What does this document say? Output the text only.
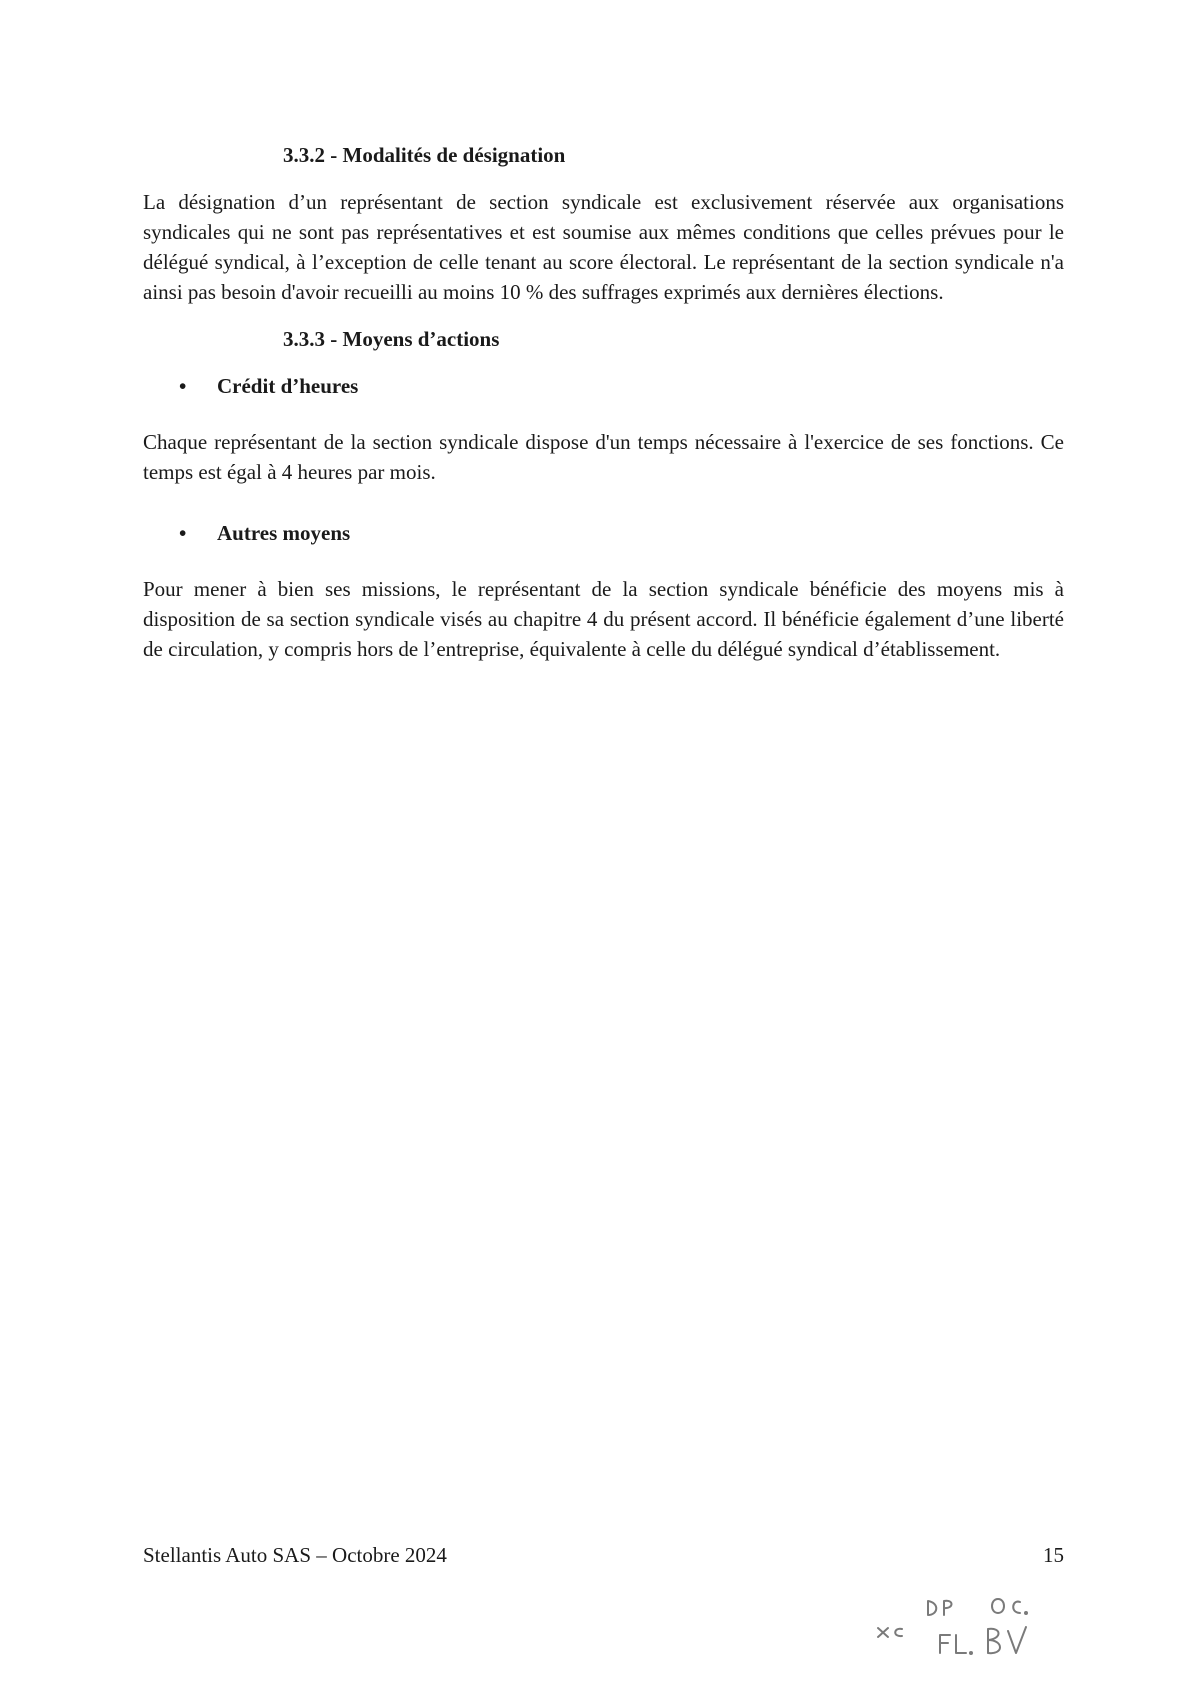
3.3.2 - Modalités de désignation

La désignation d’un représentant de section syndicale est exclusivement réservée aux organisations syndicales qui ne sont pas représentatives et est soumise aux mêmes conditions que celles prévues pour le délégué syndical, à l’exception de celle tenant au score électoral. Le représentant de la section syndicale n'a ainsi pas besoin d'avoir recueilli au moins 10 % des suffrages exprimés aux dernières élections.

3.3.3 - Moyens d’actions

• Crédit d’heures

Chaque représentant de la section syndicale dispose d'un temps nécessaire à l'exercice de ses fonctions. Ce temps est égal à 4 heures par mois.

• Autres moyens

Pour mener à bien ses missions, le représentant de la section syndicale bénéficie des moyens mis à disposition de sa section syndicale visés au chapitre 4 du présent accord. Il bénéficie également d’une liberté de circulation, y compris hors de l’entreprise, équivalente à celle du délégué syndical d’établissement.

Stellantis Auto SAS – Octobre 2024	15
